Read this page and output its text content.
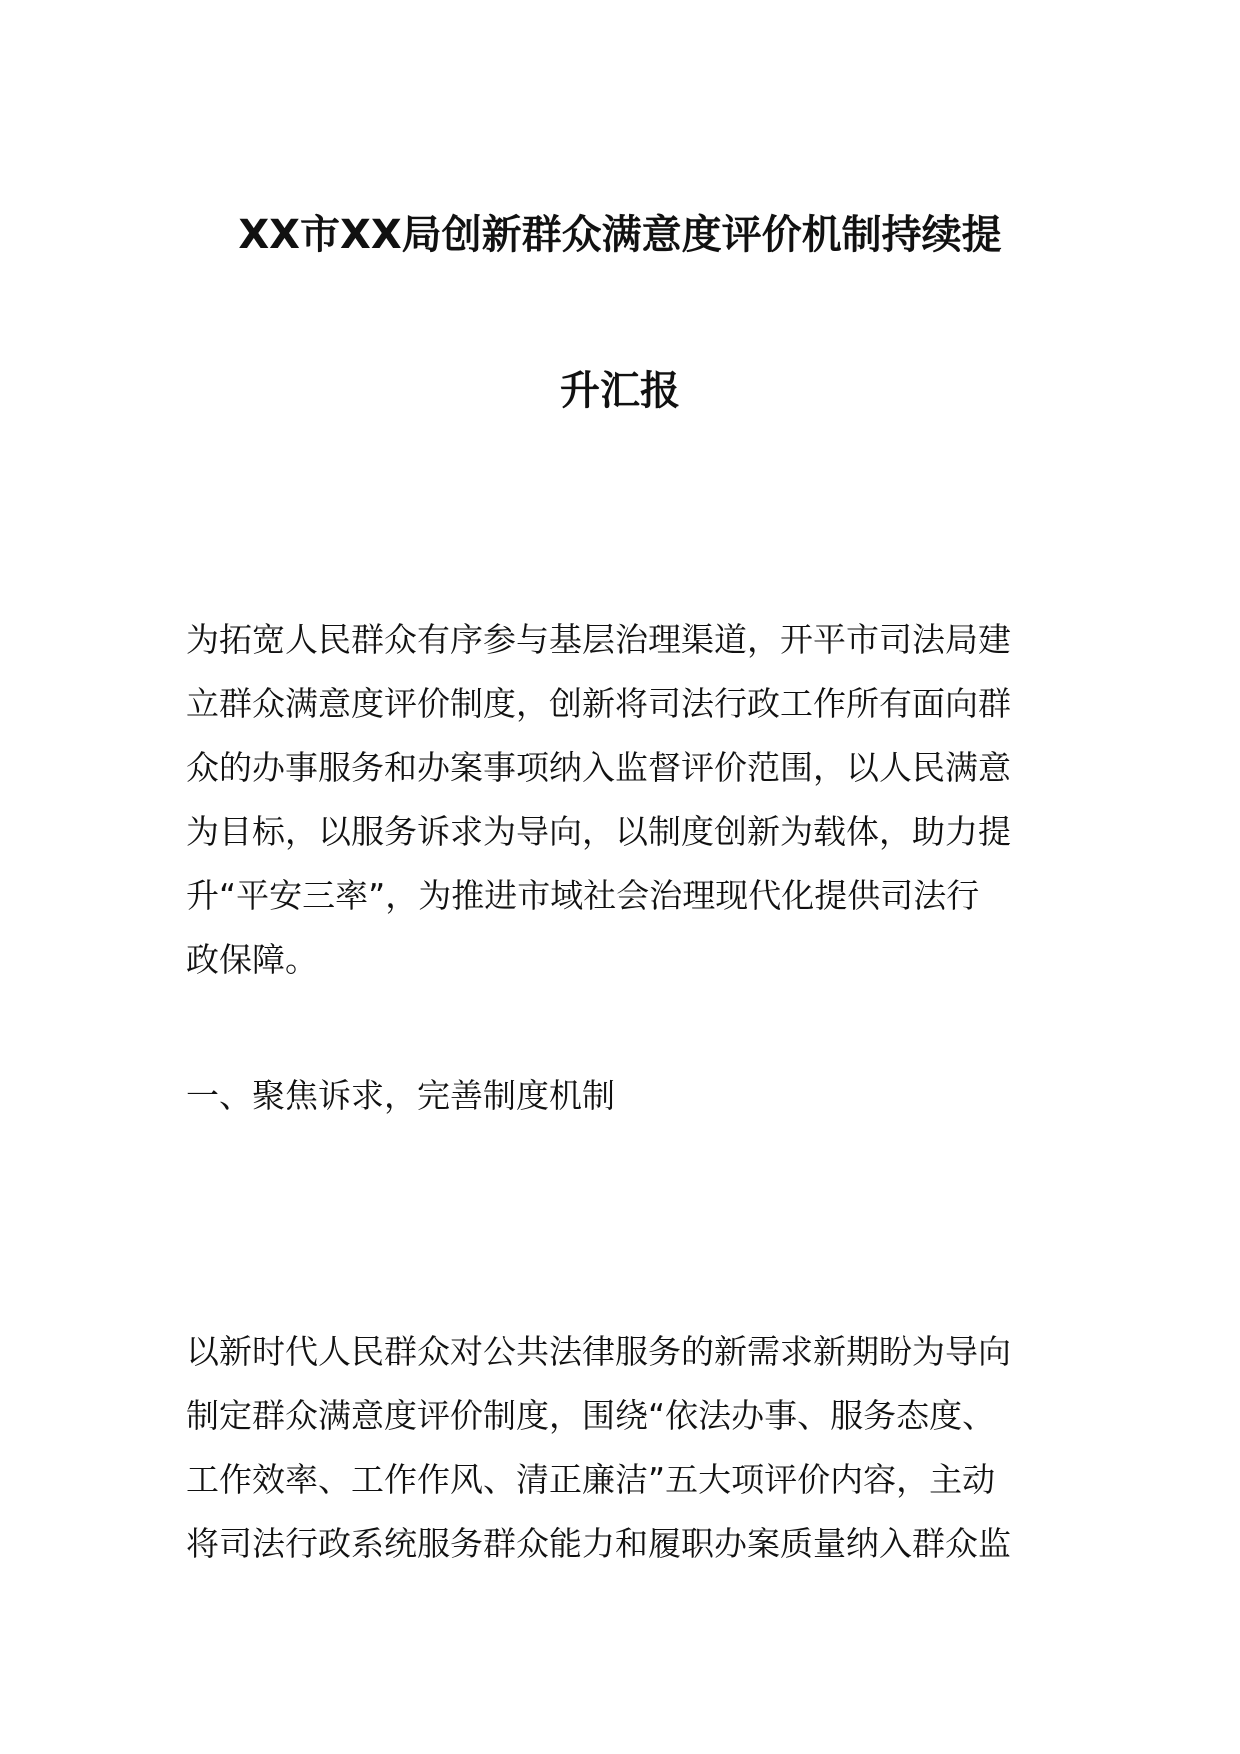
XX市XX局创新群众满意度评价机制持续提
升汇报
为拓宽人民群众有序参与基层治理渠道，开平市司法局建
立群众满意度评价制度，创新将司法行政工作所有面向群
众的办事服务和办案事项纳入监督评价范围，以人民满意
为目标，以服务诉求为导向，以制度创新为载体，助力提
升“平安三率”，为推进市域社会治理现代化提供司法行
政保障。
一、聚焦诉求，完善制度机制
以新时代人民群众对公共法律服务的新需求新期盼为导向
制定群众满意度评价制度，围绕“依法办事、服务态度、
工作效率、工作作风、清正廉洁”五大项评价内容，主动
将司法行政系统服务群众能力和履职办案质量纳入群众监
